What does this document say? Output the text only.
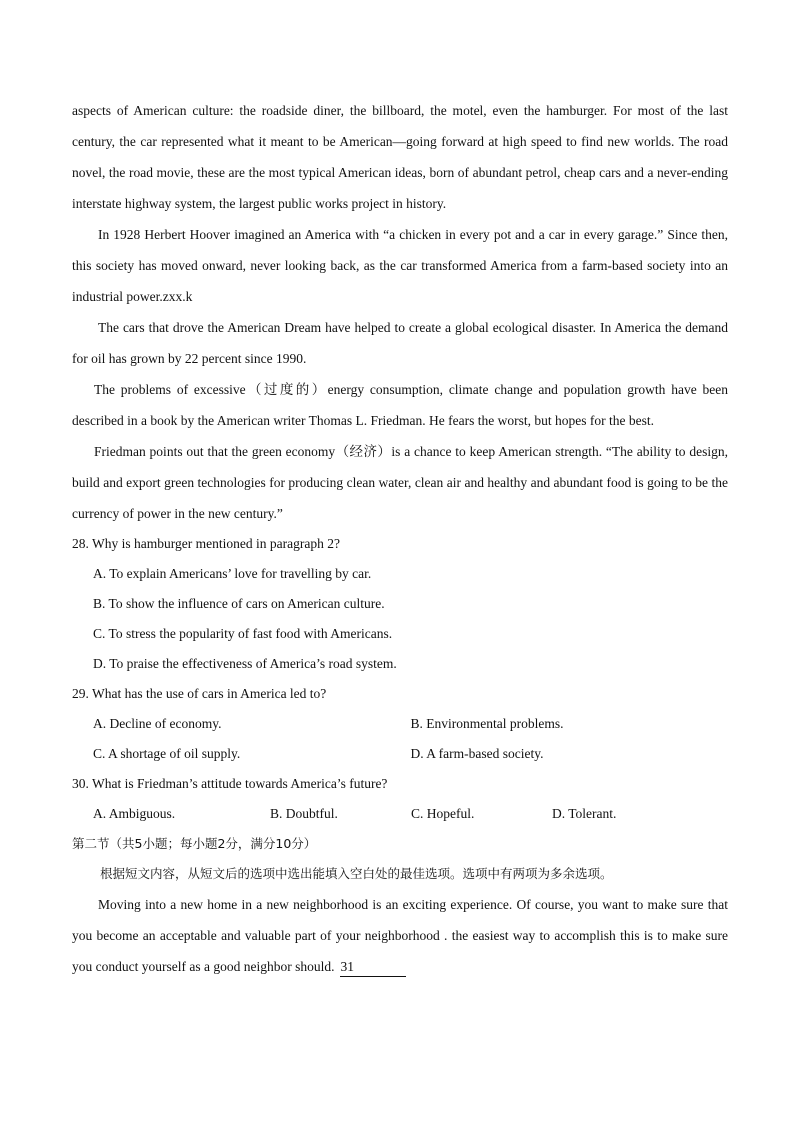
aspects of American culture: the roadside diner, the billboard, the motel, even the hamburger. For most of the last century, the car represented what it meant to be American—going forward at high speed to find new worlds. The road novel, the road movie, these are the most typical American ideas, born of abundant petrol, cheap cars and a never-ending interstate highway system, the largest public works project in history.

In 1928 Herbert Hoover imagined an America with “a chicken in every pot and a car in every garage.” Since then, this society has moved onward, never looking back, as the car transformed America from a farm-based society into an industrial power.zxx.k

The cars that drove the American Dream have helped to create a global ecological disaster. In America the demand for oil has grown by 22 percent since 1990.

The problems of excessive（过度的）energy consumption, climate change and population growth have been described in a book by the American writer Thomas L. Friedman. He fears the worst, but hopes for the best.

Friedman points out that the green economy（经济）is a chance to keep American strength. “The ability to design, build and export green technologies for producing clean water, clean air and healthy and abundant food is going to be the currency of power in the new century.”

28. Why is hamburger mentioned in paragraph 2?

A. To explain Americans’ love for travelling by car.

B. To show the influence of cars on American culture.

C. To stress the popularity of fast food with Americans.

D. To praise the effectiveness of America’s road system.

29. What has the use of cars in America led to?

A. Decline of economy.	B. Environmental problems.
C. A shortage of oil supply.	D. A farm-based society.

30. What is Friedman’s attitude towards America’s future?

A. Ambiguous.	B. Doubtful.	C. Hopeful.	D. Tolerant.

第二节（共5小题；每小题2分，满分10分）

根据短文内容，从短文后的选项中选出能填入空白处的最佳选项。选项中有两项为多余选项。

Moving into a new home in a new neighborhood is an exciting experience. Of course, you want to make sure that you become an acceptable and valuable part of your neighborhood . the easiest way to accomplish this is to make sure you conduct yourself as a good neighbor should. 31
